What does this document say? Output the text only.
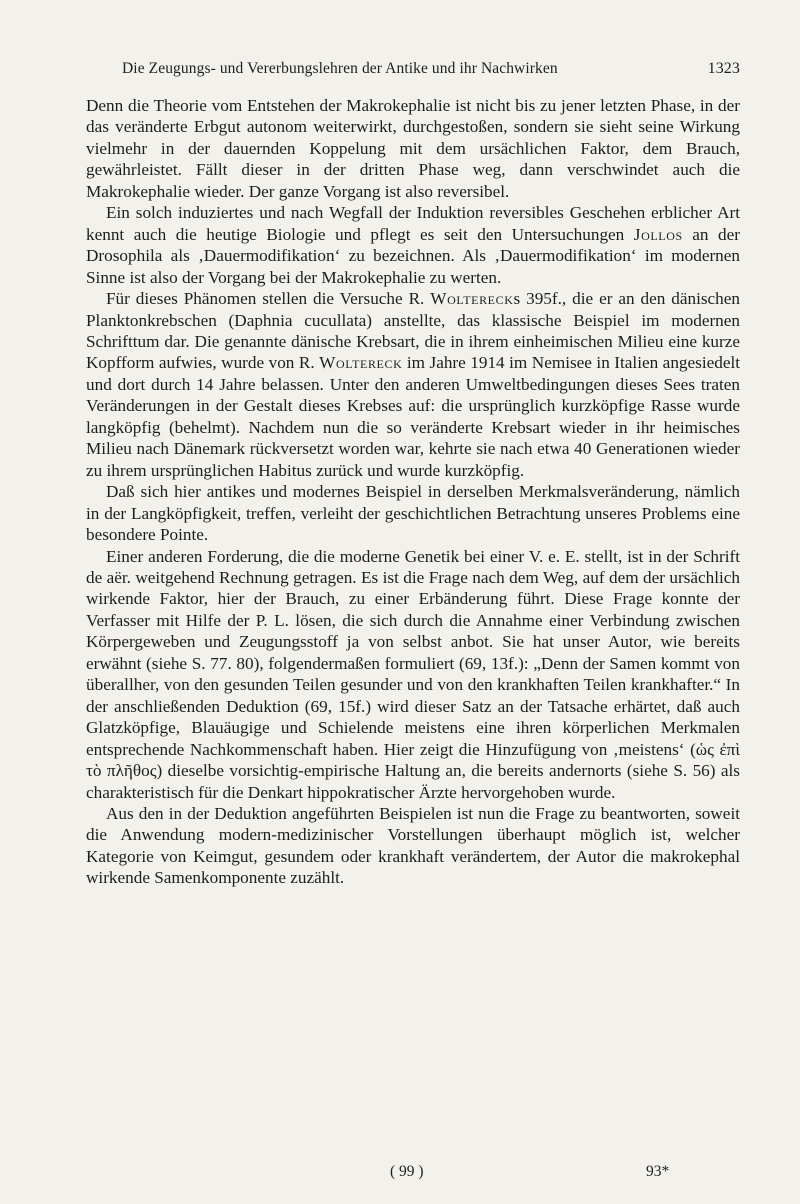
Die Zeugungs- und Vererbungslehren der Antike und ihr Nachwirken	1323

Denn die Theorie vom Entstehen der Makrokephalie ist nicht bis zu jener letzten Phase, in der das veränderte Erbgut autonom weiterwirkt, durchgestoßen, sondern sie sieht seine Wirkung vielmehr in der dauernden Koppelung mit dem ursächlichen Faktor, dem Brauch, gewährleistet. Fällt dieser in der dritten Phase weg, dann verschwindet auch die Makrokephalie wieder. Der ganze Vorgang ist also reversibel.

Ein solch induziertes und nach Wegfall der Induktion reversibles Geschehen erblicher Art kennt auch die heutige Biologie und pflegt es seit den Untersuchungen Jollos an der Drosophila als ‚Dauermodifikation‘ zu bezeichnen. Als ‚Dauermodifikation‘ im modernen Sinne ist also der Vorgang bei der Makrokephalie zu werten.

Für dieses Phänomen stellen die Versuche R. Wolterecks 395f., die er an den dänischen Planktonkrebschen (Daphnia cucullata) anstellte, das klassische Beispiel im modernen Schrifttum dar. Die genannte dänische Krebsart, die in ihrem einheimischen Milieu eine kurze Kopfform aufwies, wurde von R. Woltereck im Jahre 1914 im Nemisee in Italien angesiedelt und dort durch 14 Jahre belassen. Unter den anderen Umweltbedingungen dieses Sees traten Veränderungen in der Gestalt dieses Krebses auf: die ursprünglich kurzköpfige Rasse wurde langköpfig (behelmt). Nachdem nun die so veränderte Krebsart wieder in ihr heimisches Milieu nach Dänemark rückversetzt worden war, kehrte sie nach etwa 40 Generationen wieder zu ihrem ursprünglichen Habitus zurück und wurde kurzköpfig.

Daß sich hier antikes und modernes Beispiel in derselben Merkmalsveränderung, nämlich in der Langköpfigkeit, treffen, verleiht der geschichtlichen Betrachtung unseres Problems eine besondere Pointe.

Einer anderen Forderung, die die moderne Genetik bei einer V. e. E. stellt, ist in der Schrift de aër. weitgehend Rechnung getragen. Es ist die Frage nach dem Weg, auf dem der ursächlich wirkende Faktor, hier der Brauch, zu einer Erbänderung führt. Diese Frage konnte der Verfasser mit Hilfe der P. L. lösen, die sich durch die Annahme einer Verbindung zwischen Körpergeweben und Zeugungsstoff ja von selbst anbot. Sie hat unser Autor, wie bereits erwähnt (siehe S. 77. 80), folgendermaßen formuliert (69, 13f.): „Denn der Samen kommt von überallher, von den gesunden Teilen gesunder und von den krankhaften Teilen krankhafter.“ In der anschließenden Deduktion (69, 15f.) wird dieser Satz an der Tatsache erhärtet, daß auch Glatzköpfige, Blauäugige und Schielende meistens eine ihren körperlichen Merkmalen entsprechende Nachkommenschaft haben. Hier zeigt die Hinzufügung von ‚meistens‘ (ὡς ἐπὶ τὸ πλῆθος) dieselbe vorsichtig-empirische Haltung an, die bereits andernorts (siehe S. 56) als charakteristisch für die Denkart hippokratischer Ärzte hervorgehoben wurde.

Aus den in der Deduktion angeführten Beispielen ist nun die Frage zu beantworten, soweit die Anwendung modern-medizinischer Vorstellungen überhaupt möglich ist, welcher Kategorie von Keimgut, gesundem oder krankhaft verändertem, der Autor die makrokephal wirkende Samenkomponente zuzählt.

( 99 )	93*
